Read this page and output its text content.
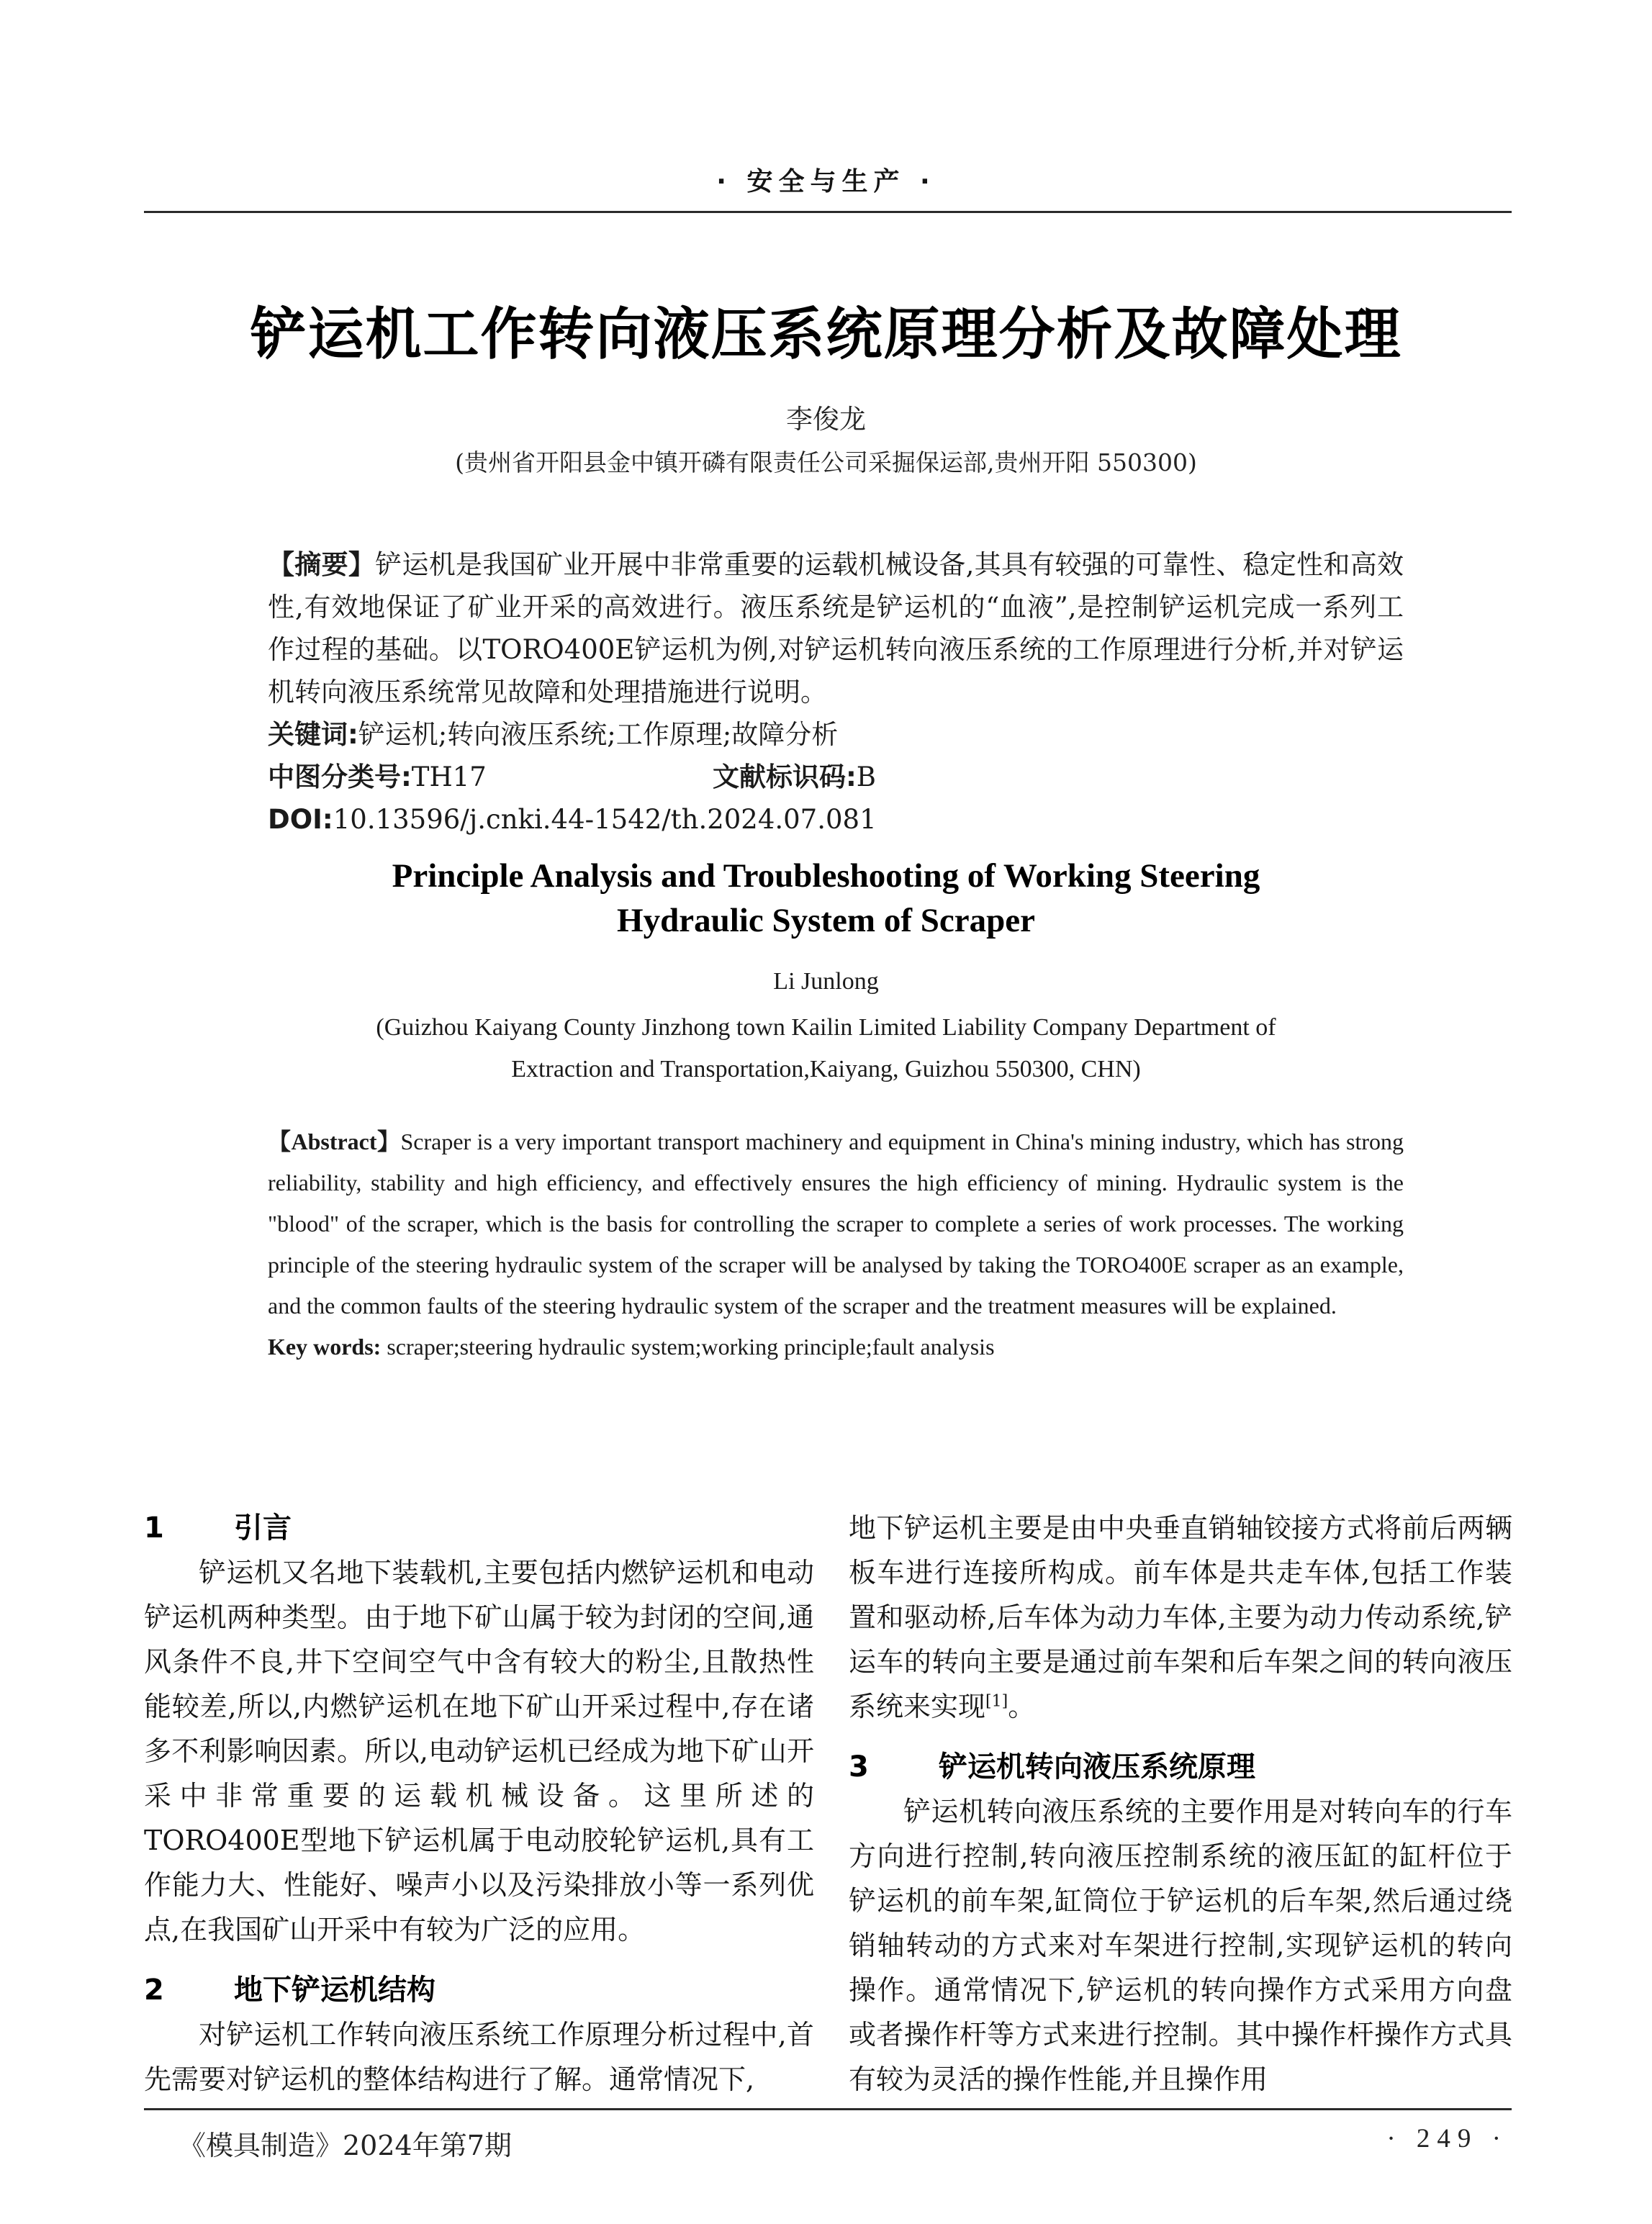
· 安全与生产 ·
铲运机工作转向液压系统原理分析及故障处理
李俊龙
(贵州省开阳县金中镇开磷有限责任公司采掘保运部,贵州开阳 550300)

【摘要】铲运机是我国矿业开展中非常重要的运载机械设备,其具有较强的可靠性、稳定性和高效性,有效地保证了矿业开采的高效进行。液压系统是铲运机的“血液”,是控制铲运机完成一系列工作过程的基础。以TORO400E铲运机为例,对铲运机转向液压系统的工作原理进行分析,并对铲运机转向液压系统常见故障和处理措施进行说明。

关键词:铲运机;转向液压系统;工作原理;故障分析

中图分类号:TH17	文献标识码:B

DOI:10.13596/j.cnki.44-1542/th.2024.07.081

Principle Analysis and Troubleshooting of Working Steering
Hydraulic System of Scraper
Li Junlong
(Guizhou Kaiyang County Jinzhong town Kailin Limited Liability Company Department of
Extraction and Transportation,Kaiyang, Guizhou 550300, CHN)

【Abstract】Scraper is a very important transport machinery and equipment in China's mining industry, which has strong reliability, stability and high efficiency, and effectively ensures the high efficiency of mining. Hydraulic system is the "blood" of the scraper, which is the basis for controlling the scraper to complete a series of work processes. The working principle of the steering hydraulic system of the scraper will be analysed by taking the TORO400E scraper as an example, and the common faults of the steering hydraulic system of the scraper and the treatment measures will be explained.

Key words: scraper;steering hydraulic system;working principle;fault analysis

1 引言

铲运机又名地下装载机,主要包括内燃铲运机和电动铲运机两种类型。由于地下矿山属于较为封闭的空间,通风条件不良,井下空间空气中含有较大的粉尘,且散热性能较差,所以,内燃铲运机在地下矿山开采过程中,存在诸多不利影响因素。所以,电动铲运机已经成为地下矿山开采中非常重要的运载机械设备。这里所述的TORO400E型地下铲运机属于电动胶轮铲运机,具有工作能力大、性能好、噪声小以及污染排放小等一系列优点,在我国矿山开采中有较为广泛的应用。

2 地下铲运机结构

对铲运机工作转向液压系统工作原理分析过程中,首先需要对铲运机的整体结构进行了解。通常情况下,

地下铲运机主要是由中央垂直销轴铰接方式将前后两辆板车进行连接所构成。前车体是共走车体,包括工作装置和驱动桥,后车体为动力车体,主要为动力传动系统,铲运车的转向主要是通过前车架和后车架之间的转向液压系统来实现[1]。

3 铲运机转向液压系统原理

铲运机转向液压系统的主要作用是对转向车的行车方向进行控制,转向液压控制系统的液压缸的缸杆位于铲运机的前车架,缸筒位于铲运机的后车架,然后通过绕销轴转动的方式来对车架进行控制,实现铲运机的转向操作。通常情况下,铲运机的转向操作方式采用方向盘或者操作杆等方式来进行控制。其中操作杆操作方式具有较为灵活的操作性能,并且操作用

《模具制造》2024年第7期	· 249 ·
